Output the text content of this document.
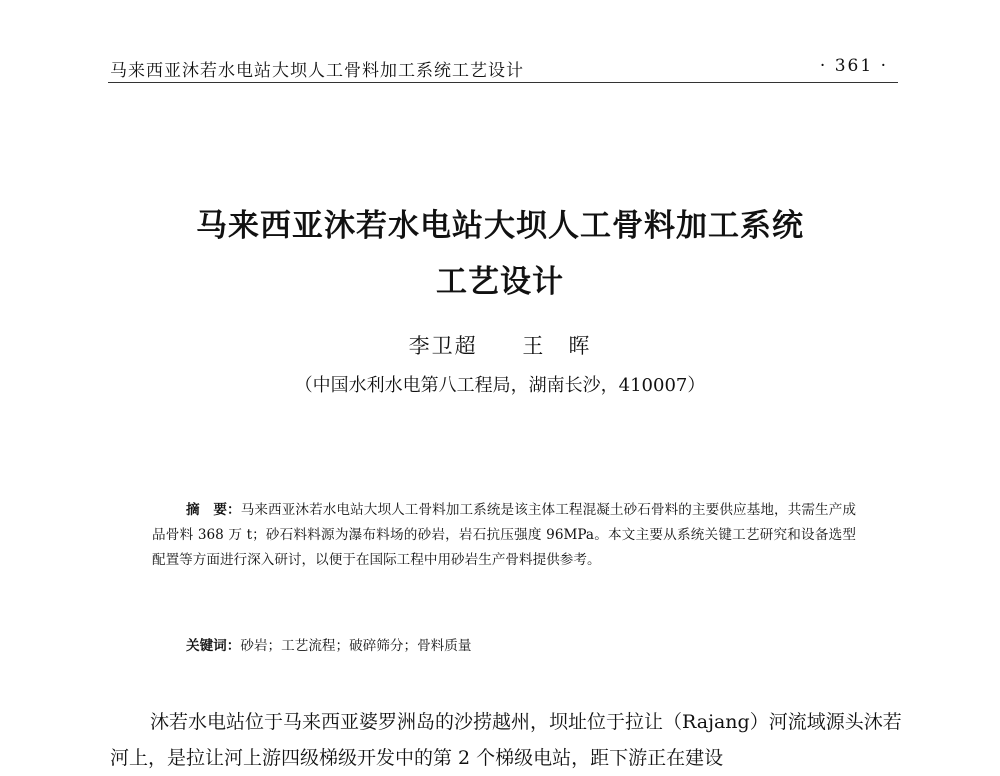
马来西亚沐若水电站大坝人工骨料加工系统工艺设计	· 361 ·
马来西亚沐若水电站大坝人工骨料加工系统
工艺设计
李卫超 王　晖
（中国水利水电第八工程局，湖南长沙，410007）

摘　要：马来西亚沐若水电站大坝人工骨料加工系统是该主体工程混凝土砂石骨料的主要供应基地，共需生产成品骨料 368 万 t；砂石料料源为瀑布料场的砂岩，岩石抗压强度 96MPa。本文主要从系统关键工艺研究和设备选型配置等方面进行深入研讨，以便于在国际工程中用砂岩生产骨料提供参考。

关键词：砂岩；工艺流程；破碎筛分；骨料质量

沐若水电站位于马来西亚婆罗洲岛的沙捞越州，坝址位于拉让（Rajang）河流域源头沐若河上，是拉让河上游四级梯级开发中的第 2 个梯级电站，距下游正在建设
